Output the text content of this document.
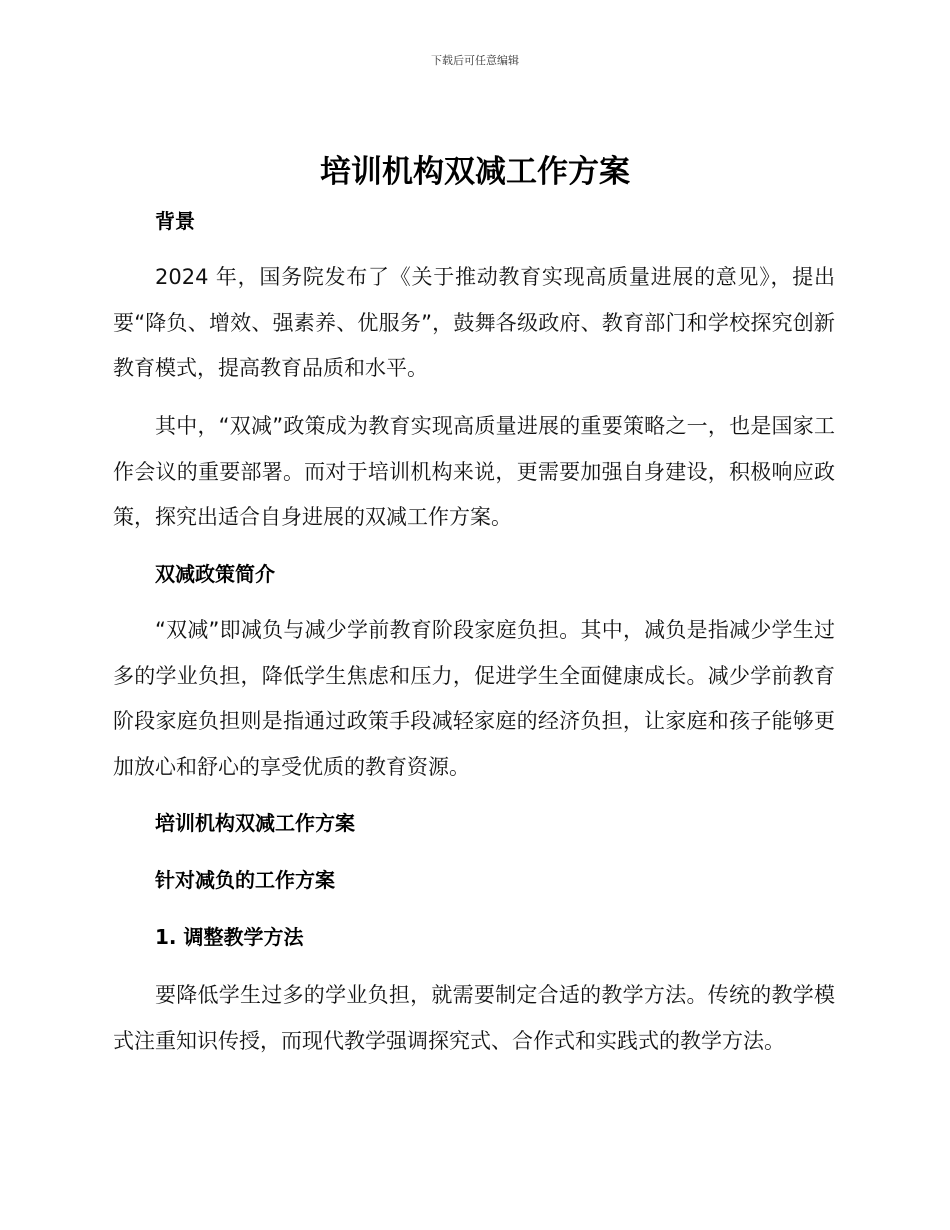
下载后可任意编辑
培训机构双减工作方案
背景
2024 年，国务院发布了《关于推动教育实现高质量进展的意见》，提出要“降负、增效、强素养、优服务”，鼓舞各级政府、教育部门和学校探究创新教育模式，提高教育品质和水平。
其中，“双减”政策成为教育实现高质量进展的重要策略之一，也是国家工作会议的重要部署。而对于培训机构来说，更需要加强自身建设，积极响应政策，探究出适合自身进展的双减工作方案。
双减政策简介
“双减”即减负与减少学前教育阶段家庭负担。其中，减负是指减少学生过多的学业负担，降低学生焦虑和压力，促进学生全面健康成长。减少学前教育阶段家庭负担则是指通过政策手段减轻家庭的经济负担，让家庭和孩子能够更加放心和舒心的享受优质的教育资源。
培训机构双减工作方案
针对减负的工作方案
1. 调整教学方法
要降低学生过多的学业负担，就需要制定合适的教学方法。传统的教学模式注重知识传授，而现代教学强调探究式、合作式和实践式的教学方法。
